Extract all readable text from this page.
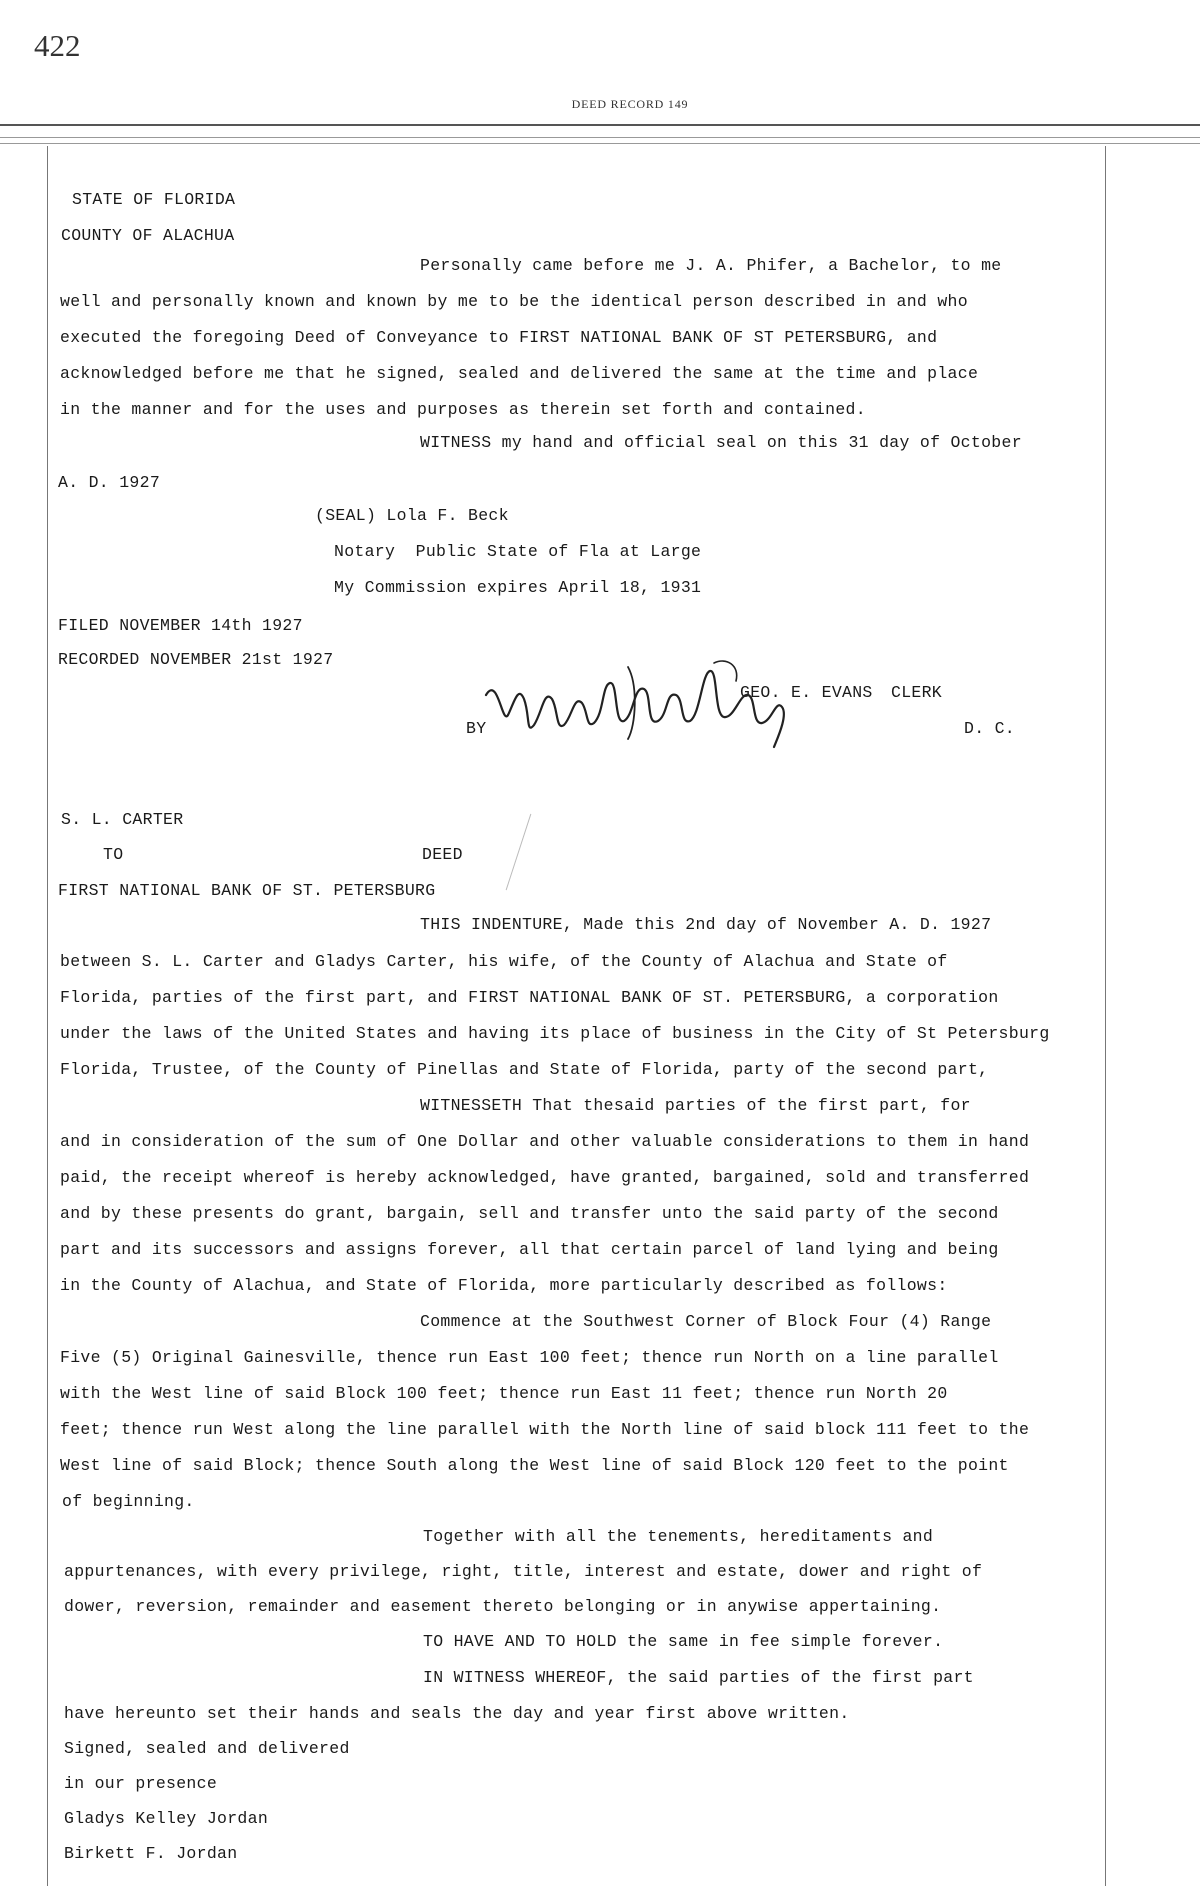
422
DEED RECORD 149
STATE OF FLORIDA
COUNTY OF ALACHUA
Personally came before me J. A. Phifer, a Bachelor, to me
well and personally known and known by me to be the identical person described in and who
executed the foregoing Deed of Conveyance to FIRST NATIONAL BANK OF ST PETERSBURG, and
acknowledged before me that he signed, sealed and delivered the same at the time and place
in the manner and for the uses and purposes as therein set forth and contained.
WITNESS my hand and official seal on this 31 day of October
A. D. 1927
(SEAL) Lola F. Beck
Notary  Public State of Fla at Large
My Commission expires April 18, 1931
FILED NOVEMBER 14th 1927
RECORDED NOVEMBER 21st 1927
GEO. E. EVANS CLERK
BY	D. C.
S. L. CARTER
TO	DEED
FIRST NATIONAL BANK OF ST. PETERSBURG
THIS INDENTURE, Made this 2nd day of November A. D. 1927
between S. L. Carter and Gladys Carter, his wife, of the County of Alachua and State of
Florida, parties of the first part, and FIRST NATIONAL BANK OF ST. PETERSBURG, a corporation
under the laws of the United States and having its place of business in the City of St Petersburg
Florida, Trustee, of the County of Pinellas and State of Florida, party of the second part,
WITNESSETH That thesaid parties of the first part, for
and in consideration of the sum of One Dollar and other valuable considerations to them in hand
paid, the receipt whereof is hereby acknowledged, have granted, bargained, sold and transferred
and by these presents do grant, bargain, sell and transfer unto the said party of the second
part and its successors and assigns forever, all that certain parcel of land lying and being
in the County of Alachua, and State of Florida, more particularly described as follows:
Commence at the Southwest Corner of Block Four (4) Range
Five (5) Original Gainesville, thence run East 100 feet; thence run North on a line parallel
with the West line of said Block 100 feet; thence run East 11 feet; thence run North 20
feet; thence run West along the line parallel with the North line of said block 111 feet to the
West line of said Block; thence South along the West line of said Block 120 feet to the point
of beginning.
Together with all the tenements, hereditaments and
appurtenances, with every privilege, right, title, interest and estate, dower and right of
dower, reversion, remainder and easement thereto belonging or in anywise appertaining.
TO HAVE AND TO HOLD the same in fee simple forever.
IN WITNESS WHEREOF, the said parties of the first part
have hereunto set their hands and seals the day and year first above written.
Signed, sealed and delivered
in our presence
Gladys Kelley Jordan
Birkett F. Jordan
